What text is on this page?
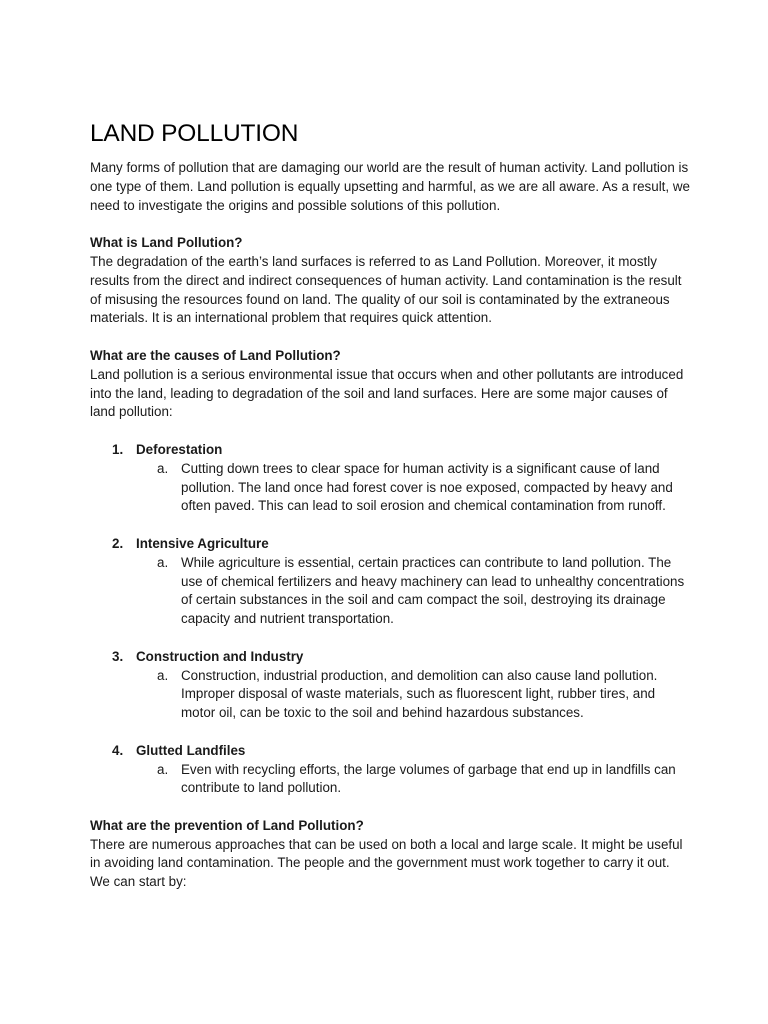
LAND POLLUTION

Many forms of pollution that are damaging our world are the result of human activity. Land pollution is one type of them. Land pollution is equally upsetting and harmful, as we are all aware. As a result, we need to investigate the origins and possible solutions of this pollution.

What is Land Pollution?

The degradation of the earth’s land surfaces is referred to as Land Pollution. Moreover, it mostly results from the direct and indirect consequences of human activity. Land contamination is the result of misusing the resources found on land. The quality of our soil is contaminated by the extraneous materials. It is an international problem that requires quick attention.

What are the causes of Land Pollution?

Land pollution is a serious environmental issue that occurs when and other pollutants are introduced into the land, leading to degradation of the soil and land surfaces. Here are some major causes of land pollution:

1. Deforestation
a. Cutting down trees to clear space for human activity is a significant cause of land pollution. The land once had forest cover is noe exposed, compacted by heavy and often paved. This can lead to soil erosion and chemical contamination from runoff.
2. Intensive Agriculture
a. While agriculture is essential, certain practices can contribute to land pollution. The use of chemical fertilizers and heavy machinery can lead to unhealthy concentrations of certain substances in the soil and cam compact the soil, destroying its drainage capacity and nutrient transportation.
3. Construction and Industry
a. Construction, industrial production, and demolition can also cause land pollution. Improper disposal of waste materials, such as fluorescent light, rubber tires, and motor oil, can be toxic to the soil and behind hazardous substances.
4. Glutted Landfiles
a. Even with recycling efforts, the large volumes of garbage that end up in landfills can contribute to land pollution.

What are the prevention of Land Pollution?

There are numerous approaches that can be used on both a local and large scale. It might be useful in avoiding land contamination. The people and the government must work together to carry it out. We can start by:
